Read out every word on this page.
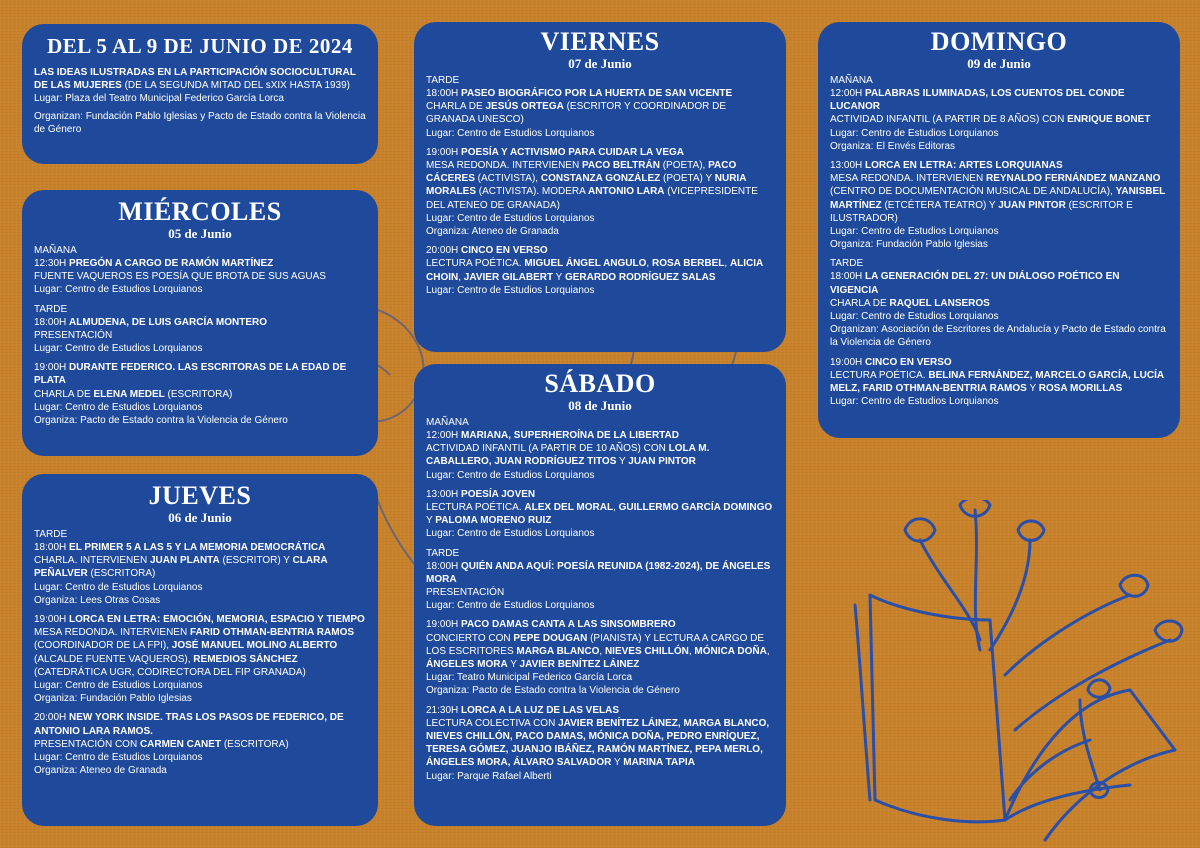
DEL 5 AL 9 DE JUNIO DE 2024

LAS IDEAS ILUSTRADAS EN LA PARTICIPACIÓN SOCIOCULTURAL DE LAS MUJERES (DE LA SEGUNDA MITAD DEL sXIX HASTA 1939)

Lugar: Plaza del Teatro Municipal Federico García Lorca

Organizan: Fundación Pablo Iglesias y Pacto de Estado contra la Violencia de Género

MIÉRCOLES
05 de Junio
MAÑANA

12:30H PREGÓN A CARGO DE RAMÓN MARTÍNEZ

FUENTE VAQUEROS ES POESÍA QUE BROTA DE SUS AGUAS

Lugar: Centro de Estudios Lorquianos

TARDE

18:00H ALMUDENA, DE LUIS GARCÍA MONTERO

PRESENTACIÓN

Lugar: Centro de Estudios Lorquianos

19:00H DURANTE FEDERICO. LAS ESCRITORAS DE LA EDAD DE PLATA

CHARLA DE ELENA MEDEL (ESCRITORA)

Lugar: Centro de Estudios Lorquianos

Organiza: Pacto de Estado contra la Violencia de Género

JUEVES
06 de Junio
TARDE

18:00H EL PRIMER 5 A LAS 5 Y LA MEMORIA DEMOCRÁTICA

CHARLA. INTERVIENEN JUAN PLANTA (ESCRITOR) Y CLARA PEÑALVER (ESCRITORA)

Lugar: Centro de Estudios Lorquianos

Organiza: Lees Otras Cosas

19:00H LORCA EN LETRA: EMOCIÓN, MEMORIA, ESPACIO Y TIEMPO

MESA REDONDA. INTERVIENEN FARID OTHMAN-BENTRIA RAMOS (COORDINADOR DE LA FPI), JOSÉ MANUEL MOLINO ALBERTO (ALCALDE FUENTE VAQUEROS), REMEDIOS SÁNCHEZ (CATEDRÁTICA UGR, CODIRECTORA DEL FIP GRANADA)

Lugar: Centro de Estudios Lorquianos

Organiza: Fundación Pablo Iglesias

20:00H NEW YORK INSIDE. TRAS LOS PASOS DE FEDERICO, DE ANTONIO LARA RAMOS.

PRESENTACIÓN CON CARMEN CANET (ESCRITORA)

Lugar: Centro de Estudios Lorquianos

Organiza: Ateneo de Granada

VIERNES
07 de Junio
TARDE

18:00H PASEO BIOGRÁFICO POR LA HUERTA DE SAN VICENTE

CHARLA DE JESÚS ORTEGA (ESCRITOR Y COORDINADOR DE GRANADA UNESCO)

Lugar: Centro de Estudios Lorquianos

19:00H POESÍA Y ACTIVISMO PARA CUIDAR LA VEGA

MESA REDONDA. INTERVIENEN PACO BELTRÁN (POETA), PACO CÁCERES (ACTIVISTA), CONSTANZA GONZÁLEZ (POETA) Y NURIA MORALES (ACTIVISTA). MODERA ANTONIO LARA (VICEPRESIDENTE DEL ATENEO DE GRANADA)

Lugar: Centro de Estudios Lorquianos

Organiza: Ateneo de Granada

20:00H CINCO EN VERSO

LECTURA POÉTICA. MIGUEL ÁNGEL ANGULO, ROSA BERBEL, ALICIA CHOIN, JAVIER GILABERT Y GERARDO RODRÍGUEZ SALAS

Lugar: Centro de Estudios Lorquianos

SÁBADO
08 de Junio
MAÑANA

12:00H MARIANA, SUPERHEROÍNA DE LA LIBERTAD

ACTIVIDAD INFANTIL (A PARTIR DE 10 AÑOS) CON LOLA M. CABALLERO, JUAN RODRÍGUEZ TITOS Y JUAN PINTOR

Lugar: Centro de Estudios Lorquianos

13:00H POESÍA JOVEN

LECTURA POÉTICA. ALEX DEL MORAL, GUILLERMO GARCÍA DOMINGO Y PALOMA MORENO RUIZ

Lugar: Centro de Estudios Lorquianos

TARDE

18:00H QUIÉN ANDA AQUÍ: POESÍA REUNIDA (1982-2024), DE ÁNGELES MORA

PRESENTACIÓN

Lugar: Centro de Estudios Lorquianos

19:00H PACO DAMAS CANTA A LAS SINSOMBRERO

CONCIERTO CON PEPE DOUGAN (PIANISTA) Y LECTURA A CARGO DE LOS ESCRITORES MARGA BLANCO, NIEVES CHILLÓN, MÓNICA DOÑA, ÁNGELES MORA Y JAVIER BENÍTEZ LÁINEZ

Lugar: Teatro Municipal Federico García Lorca

Organiza: Pacto de Estado contra la Violencia de Género

21:30H LORCA A LA LUZ DE LAS VELAS

LECTURA COLECTIVA CON JAVIER BENÍTEZ LÁINEZ, MARGA BLANCO, NIEVES CHILLÓN, PACO DAMAS, MÓNICA DOÑA, PEDRO ENRÍQUEZ, TERESA GÓMEZ, JUANJO IBÁÑEZ, RAMÓN MARTÍNEZ, PEPA MERLO, ÁNGELES MORA, ÁLVARO SALVADOR Y MARINA TAPIA

Lugar: Parque Rafael Alberti

DOMINGO
09 de Junio
MAÑANA

12:00H PALABRAS ILUMINADAS, LOS CUENTOS DEL CONDE LUCANOR

ACTIVIDAD INFANTIL (A PARTIR DE 8 AÑOS) CON ENRIQUE BONET

Lugar: Centro de Estudios Lorquianos

Organiza: El Envés Editoras

13:00H LORCA EN LETRA: ARTES LORQUIANAS

MESA REDONDA. INTERVIENEN REYNALDO FERNÁNDEZ MANZANO (CENTRO DE DOCUMENTACIÓN MUSICAL DE ANDALUCÍA), YANISBEL MARTÍNEZ (ETCÉTERA TEATRO) Y JUAN PINTOR (ESCRITOR E ILUSTRADOR)

Lugar: Centro de Estudios Lorquianos

Organiza: Fundación Pablo Iglesias

TARDE

18:00H LA GENERACIÓN DEL 27: UN DIÁLOGO POÉTICO EN VIGENCIA

CHARLA DE RAQUEL LANSEROS

Lugar: Centro de Estudios Lorquianos

Organizan: Asociación de Escritores de Andalucía y Pacto de Estado contra la Violencia de Género

19:00H CINCO EN VERSO

LECTURA POÉTICA. BELINA FERNÁNDEZ, MARCELO GARCÍA, LUCÍA MELZ, FARID OTHMAN-BENTRIA RAMOS Y ROSA MORILLAS

Lugar: Centro de Estudios Lorquianos
